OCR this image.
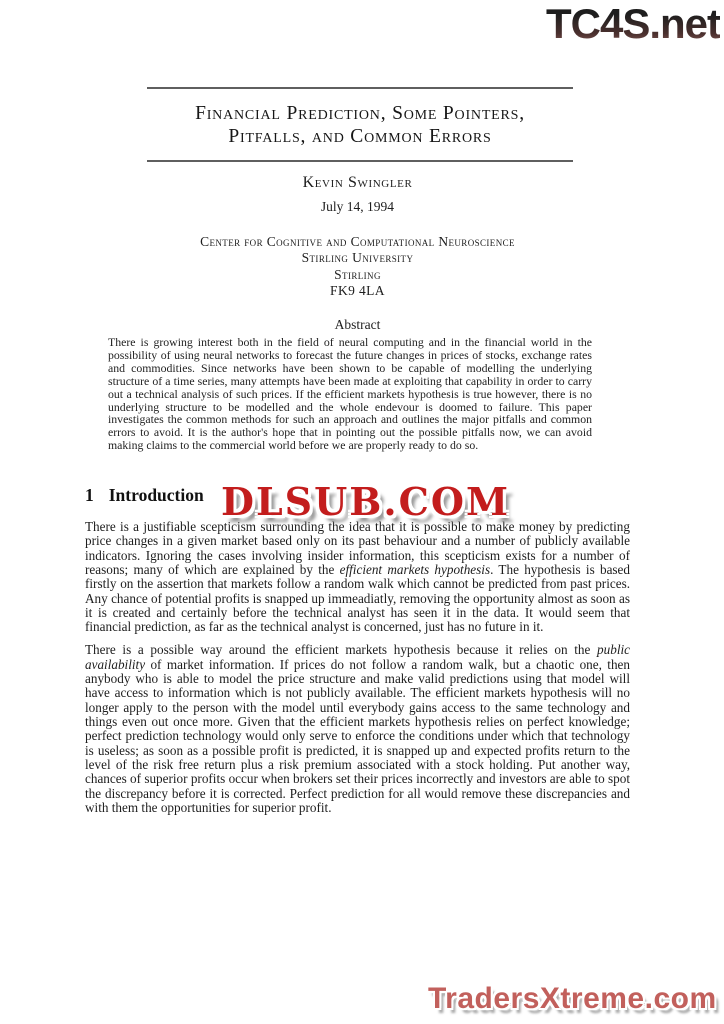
TC4S.net
Financial Prediction, Some Pointers,
Pitfalls, and Common Errors
Kevin Swingler
July 14, 1994
Center for Cognitive and Computational Neuroscience
Stirling University
Stirling
FK9 4LA
Abstract
There is growing interest both in the field of neural computing and in the financial world in the possibility of using neural networks to forecast the future changes in prices of stocks, exchange rates and commodities. Since networks have been shown to be capable of modelling the underlying structure of a time series, many attempts have been made at exploiting that capability in order to carry out a technical analysis of such prices. If the efficient markets hypothesis is true however, there is no underlying structure to be modelled and the whole endevour is doomed to failure. This paper investigates the common methods for such an approach and outlines the major pitfalls and common errors to avoid. It is the author's hope that in pointing out the possible pitfalls now, we can avoid making claims to the commercial world before we are properly ready to do so.
1 Introduction

There is a justifiable scepticism surrounding the idea that it is possible to make money by predicting price changes in a given market based only on its past behaviour and a number of publicly available indicators. Ignoring the cases involving insider information, this scepticism exists for a number of reasons; many of which are explained by the efficient markets hypothesis. The hypothesis is based firstly on the assertion that markets follow a random walk which cannot be predicted from past prices. Any chance of potential profits is snapped up immeadiatly, removing the opportunity almost as soon as it is created and certainly before the technical analyst has seen it in the data. It would seem that financial prediction, as far as the technical analyst is concerned, just has no future in it.

There is a possible way around the efficient markets hypothesis because it relies on the public availability of market information. If prices do not follow a random walk, but a chaotic one, then anybody who is able to model the price structure and make valid predictions using that model will have access to information which is not publicly available. The efficient markets hypothesis will no longer apply to the person with the model until everybody gains access to the same technology and things even out once more. Given that the efficient markets hypothesis relies on perfect knowledge; perfect prediction technology would only serve to enforce the conditions under which that technology is useless; as soon as a possible profit is predicted, it is snapped up and expected profits return to the level of the risk free return plus a risk premium associated with a stock holding. Put another way, chances of superior profits occur when brokers set their prices incorrectly and investors are able to spot the discrepancy before it is corrected. Perfect prediction for all would remove these discrepancies and with them the opportunities for superior profit.

DLSUB.COM
TradersXtreme.com
